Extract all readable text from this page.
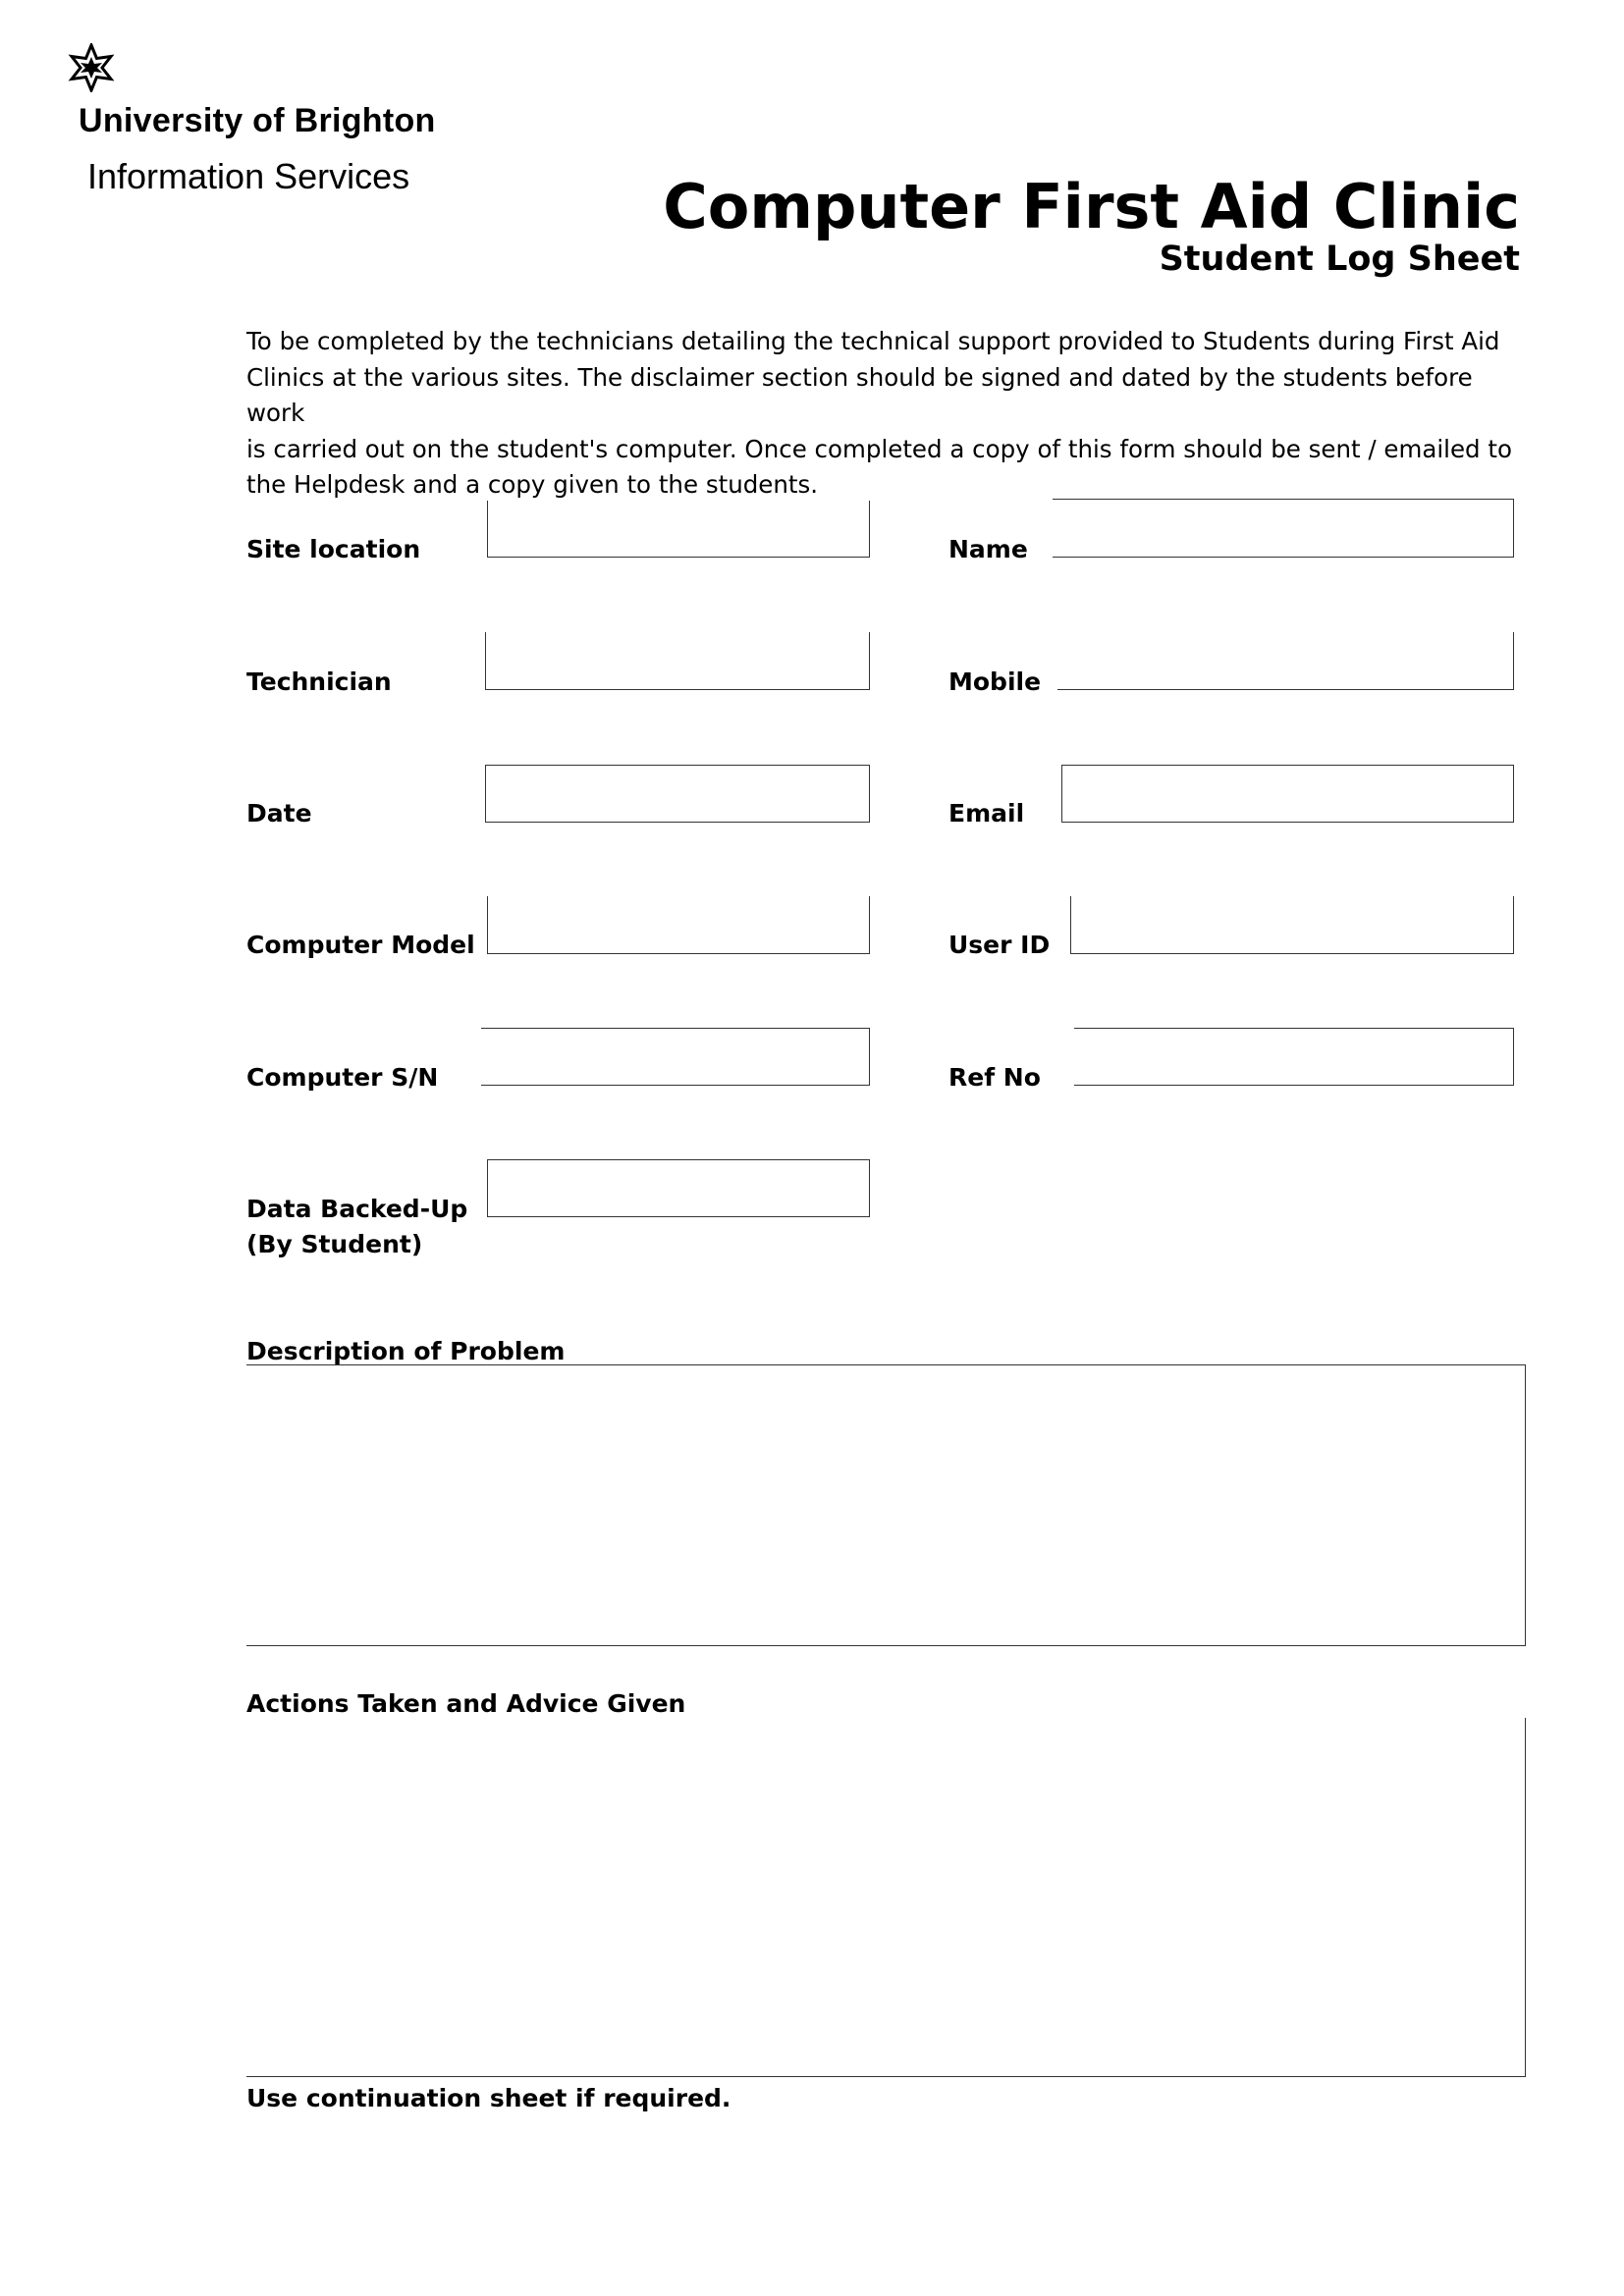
University of Brighton
Information Services	Computer First Aid Clinic
Student Log Sheet
To be completed by the technicians detailing the technical support provided to Students during First Aid
Clinics at the various sites. The disclaimer section should be signed and dated by the students before work
is carried out on the student's computer. Once completed a copy of this form should be sent / emailed to
the Helpdesk and a copy given to the students.
Site location	Name
Technician	Mobile
Date	Email
Computer Model	User ID
Computer S/N	Ref No
Data Backed-Up
(By Student)
Description of Problem
Actions Taken and Advice Given
Use continuation sheet if required.
